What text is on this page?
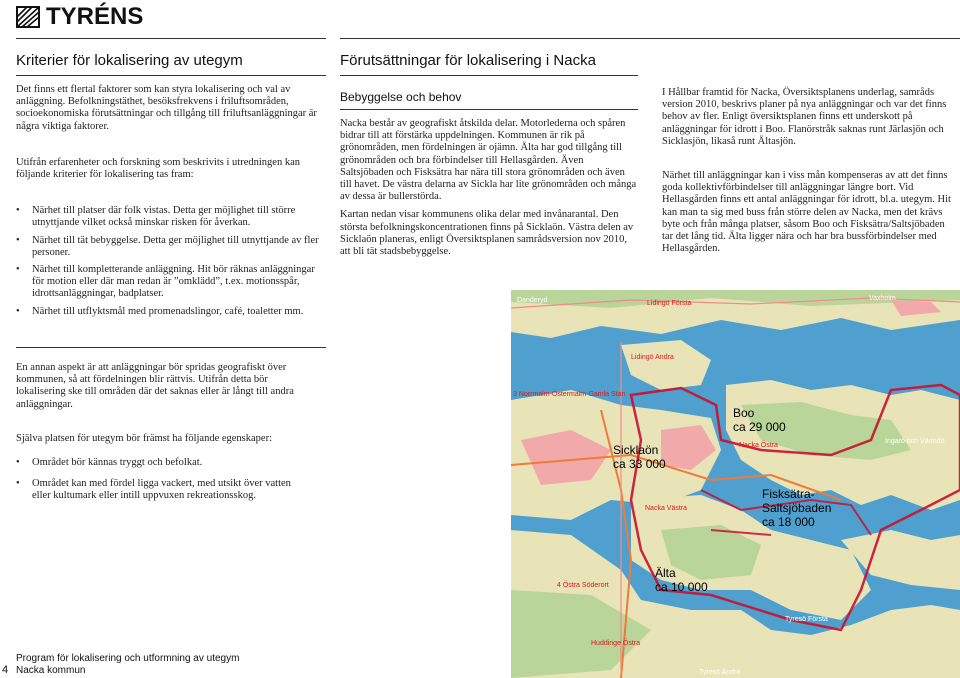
TYRÉNS
Kriterier för lokalisering av utegym

Det finns ett flertal faktorer som kan styra lokalisering och val av anläggning. Befolkningstäthet, besöksfrekvens i friluftsområden, socioekonomiska förutsättningar och tillgång till friluftsanläggningar är några viktiga faktorer.

Utifrån erfarenheter och forskning som beskrivits i utredningen kan följande kriterier för lokalisering tas fram:

• Närhet till platser där folk vistas. Detta ger möjlighet till större utnyttjande vilket också minskar risken för åverkan.
• Närhet till tät bebyggelse. Detta ger möjlighet till utnyttjande av fler personer.
• Närhet till kompletterande anläggning. Hit bör räknas anläggningar för motion eller där man redan är ”omklädd”, t.ex. motionsspår, idrottsanläggningar, badplatser.
• Närhet till utflyktsmål med promenadslingor, café, toaletter mm.

En annan aspekt är att anläggningar bör spridas geografiskt över kommunen, så att fördelningen blir rättvis. Utifrån detta bör lokalisering ske till områden där det saknas eller är långt till andra anläggningar.

Själva platsen för utegym bör främst ha följande egenskaper:

• Området bör kännas tryggt och befolkat.
• Området kan med fördel ligga vackert, med utsikt över vatten eller kultumark eller intill uppvuxen rekreationsskog.
Förutsättningar för lokalisering i Nacka
Bebyggelse och behov

Nacka består av geografiskt åtskilda delar. Motorlederna och spåren bidrar till att förstärka uppdelningen. Kommunen är rik på grönområden, men fördelningen är ojämn. Älta har god tillgång till grönområden och bra förbindelser till Hellasgården. Även Saltsjöbaden och Fisksätra har nära till stora grönområden och även till havet. De västra delarna av Sickla har lite grönområden och många av dessa är bullerstörda.

Kartan nedan visar kommunens olika delar med invånarantal. Den största befolkningskoncentrationen finns på Sicklaön. Västra delen av Sicklaön planeras, enligt Översiktsplanen samrådsversion nov 2010, att bli tät stadsbebyggelse.

I Hållbar framtid för Nacka, Översiktsplanens underlag, samråds version 2010, beskrivs planer på nya anläggningar och var det finns behov av fler. Enligt översiktsplanen finns ett underskott på anläggningar för idrott i Boo. Flanörstråk saknas runt Järlasjön och Sicklasjön, likaså runt Ältasjön.

Närhet till anläggningar kan i viss mån kompenseras av att det finns goda kollektivförbindelser till anläggningar längre bort. Vid Hellasgården finns ett antal anläggningar för idrott, bl.a. utegym. Hit kan man ta sig med buss från större delen av Nacka, men det krävs byte och från många platser, såsom Boo och Fisksätra/Saltsjöbaden tar det lång tid. Älta ligger nära och har bra bussförbindelser med Hellasgården.

Danderyd	Lidingö Första
Vaxholm
Lidingö Andra
3 Norrmalm-Östermalm-Gamla Stan
Nacka Östra
Ingarö och Värmdö
Nacka Västra
4 Östra Söderort
Tyresö Första
Huddinge Östra
Tyresö Andra
Boo
ca 29 000
Sicklaön
ca 33 000
Fisksätra-
Saltsjöbaden
ca 18 000
Älta
ca 10 000
4
Program för lokalisering och utformning av utegym
Nacka kommun
